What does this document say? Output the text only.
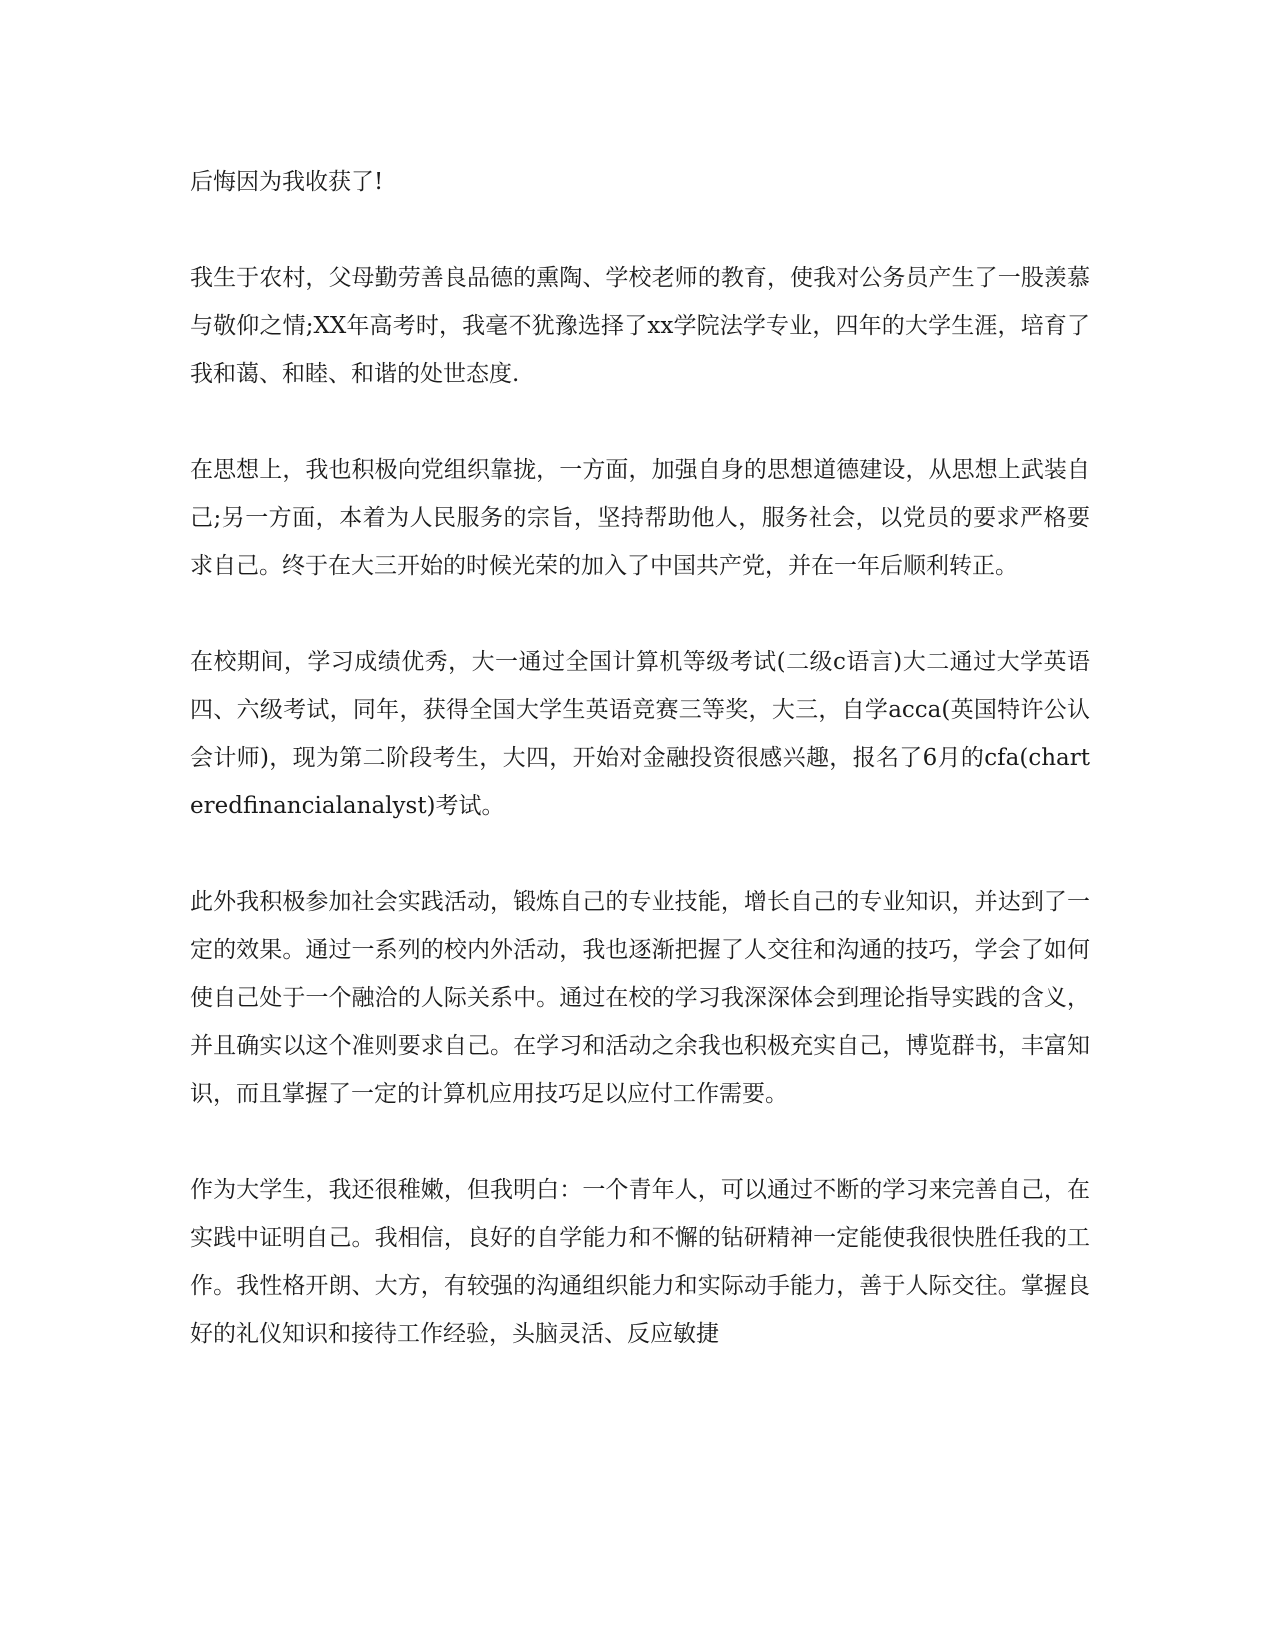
后悔因为我收获了!

我生于农村，父母勤劳善良品德的熏陶、学校老师的教育，使我对公务员产生了一股羡慕与敬仰之情;XX年高考时，我毫不犹豫选择了xx学院法学专业，四年的大学生涯，培育了我和蔼、和睦、和谐的处世态度.

在思想上，我也积极向党组织靠拢，一方面，加强自身的思想道德建设，从思想上武装自己;另一方面，本着为人民服务的宗旨，坚持帮助他人，服务社会，以党员的要求严格要求自己。终于在大三开始的时候光荣的加入了中国共产党，并在一年后顺利转正。

在校期间，学习成绩优秀，大一通过全国计算机等级考试(二级c语言)大二通过大学英语四、六级考试，同年，获得全国大学生英语竞赛三等奖，大三，自学acca(英国特许公认会计师)，现为第二阶段考生，大四，开始对金融投资很感兴趣，报名了6月的cfa(charteredfinancialanalyst)考试。

此外我积极参加社会实践活动，锻炼自己的专业技能，增长自己的专业知识，并达到了一定的效果。通过一系列的校内外活动，我也逐渐把握了人交往和沟通的技巧，学会了如何使自己处于一个融洽的人际关系中。通过在校的学习我深深体会到理论指导实践的含义，并且确实以这个准则要求自己。在学习和活动之余我也积极充实自己，博览群书，丰富知识，而且掌握了一定的计算机应用技巧足以应付工作需要。

作为大学生，我还很稚嫩，但我明白：一个青年人，可以通过不断的学习来完善自己，在实践中证明自己。我相信，良好的自学能力和不懈的钻研精神一定能使我很快胜任我的工作。我性格开朗、大方，有较强的沟通组织能力和实际动手能力，善于人际交往。掌握良好的礼仪知识和接待工作经验，头脑灵活、反应敏捷
